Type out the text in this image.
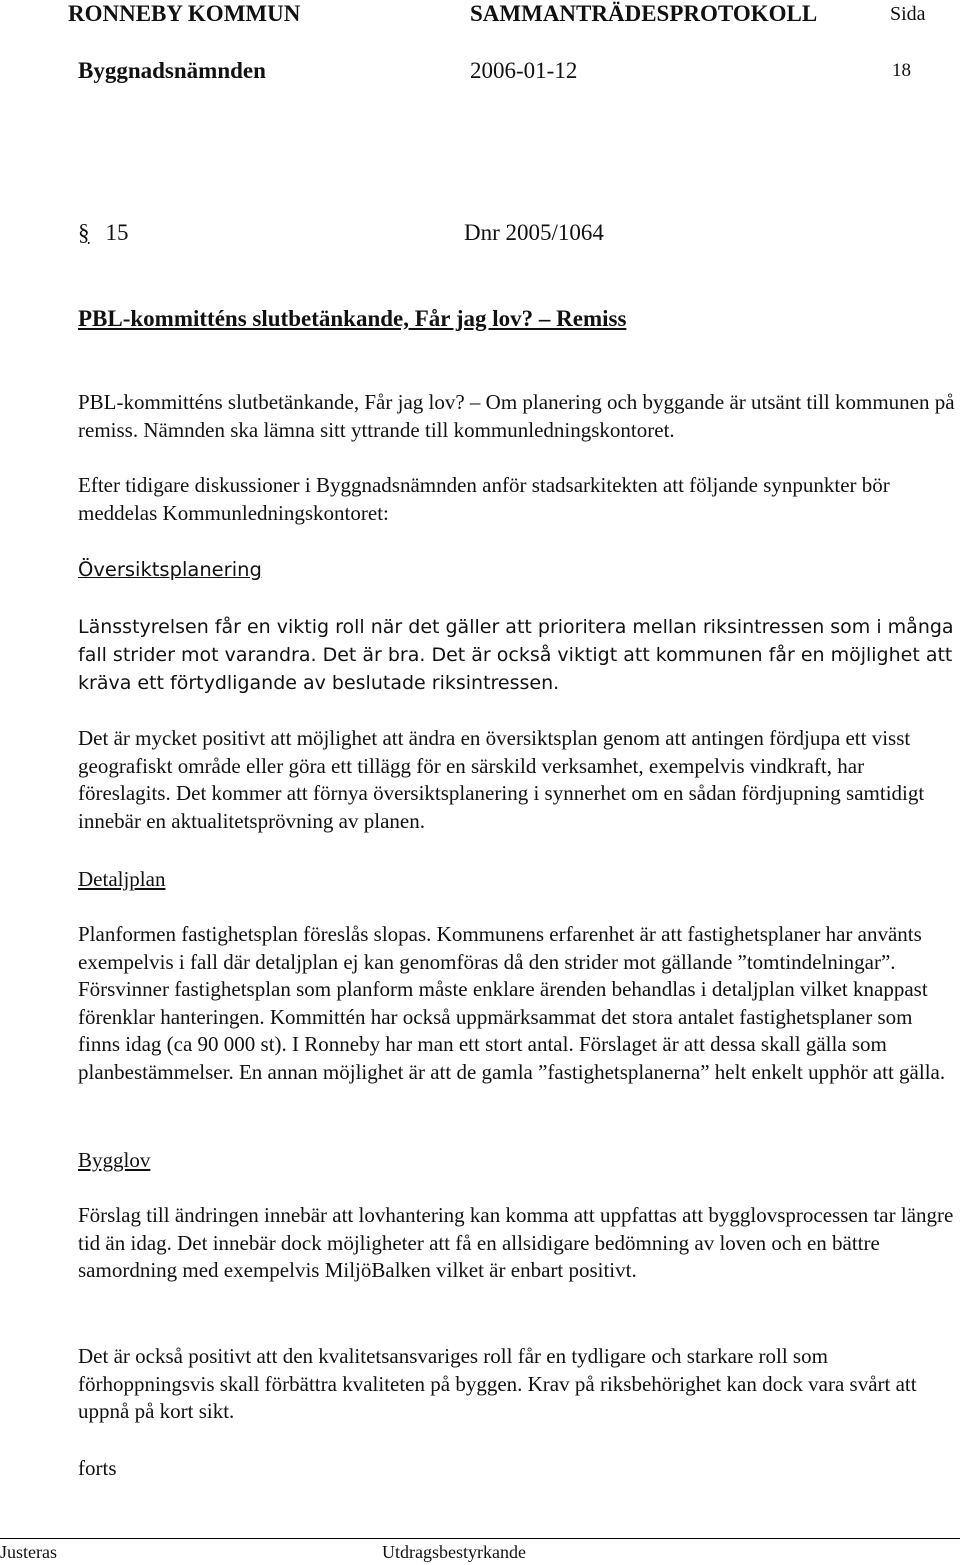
RONNEBY KOMMUN	SAMMANTRÄDESPROTOKOLL	Sida
Byggnadsnämnden	2006-01-12	18
§ 15	Dnr 2005/1064
PBL-kommitténs slutbetänkande, Får jag lov? – Remiss

PBL-kommitténs slutbetänkande, Får jag lov? – Om planering och byggande är utsänt till kommunen på remiss. Nämnden ska lämna sitt yttrande till kommunledningskontoret.

Efter tidigare diskussioner i Byggnadsnämnden anför stadsarkitekten att följande synpunkter bör meddelas Kommunledningskontoret:

Översiktsplanering

Länsstyrelsen får en viktig roll när det gäller att prioritera mellan riksintressen som i många fall strider mot varandra. Det är bra. Det är också viktigt att kommunen får en möjlighet att kräva ett förtydligande av beslutade riksintressen.

Det är mycket positivt att möjlighet att ändra en översiktsplan genom att antingen fördjupa ett visst geografiskt område eller göra ett tillägg för en särskild verksamhet, exempelvis vindkraft, har föreslagits. Det kommer att förnya översiktsplanering i synnerhet om en sådan fördjupning samtidigt innebär en aktualitetsprövning av planen.

Detaljplan

Planformen fastighetsplan föreslås slopas. Kommunens erfarenhet är att fastighetsplaner har använts exempelvis i fall där detaljplan ej kan genomföras då den strider mot gällande ”tomtindelningar”. Försvinner fastighetsplan som planform måste enklare ärenden behandlas i detaljplan vilket knappast förenklar hanteringen. Kommittén har också uppmärksammat det stora antalet fastighetsplaner som finns idag (ca 90 000 st). I Ronneby har man ett stort antal. Förslaget är att dessa skall gälla som planbestämmelser. En annan möjlighet är att de gamla ”fastighetsplanerna” helt enkelt upphör att gälla.

Bygglov

Förslag till ändringen innebär att lovhantering kan komma att uppfattas att bygglovsprocessen tar längre tid än idag. Det innebär dock möjligheter att få en allsidigare bedömning av loven och en bättre samordning med exempelvis MiljöBalken vilket är enbart positivt.

Det är också positivt att den kvalitetsansvariges roll får en tydligare och starkare roll som förhoppningsvis skall förbättra kvaliteten på byggen. Krav på riksbehörighet kan dock vara svårt att uppnå på kort sikt.

forts

Justeras	Utdragsbestyrkande
